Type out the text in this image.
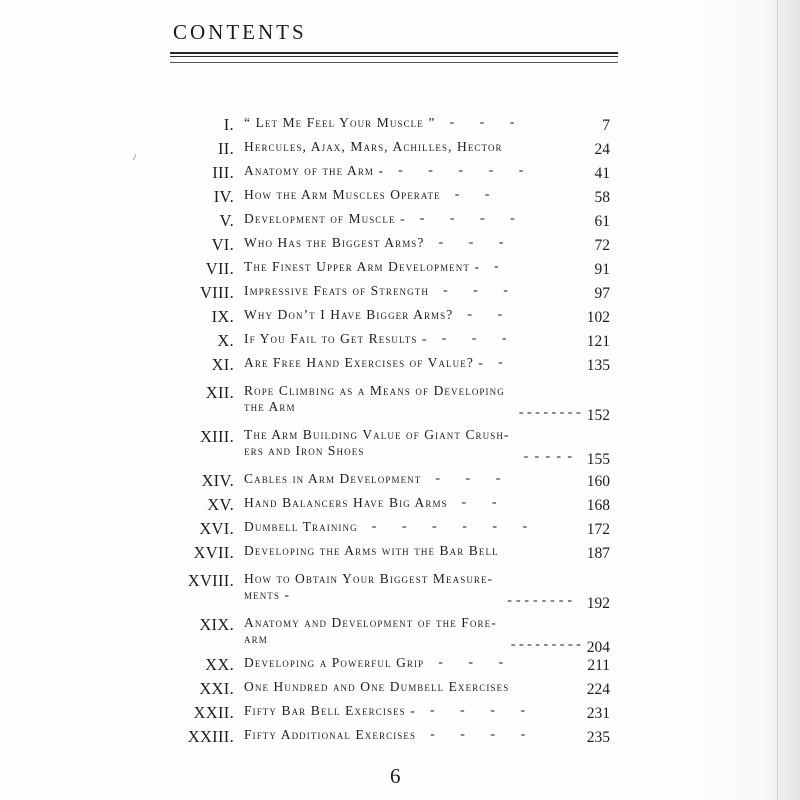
CONTENTS
⸝
I. “ Let Me Feel Your Muscle ” - - -	7
II. Hercules, Ajax, Mars, Achilles, Hector	24
III. Anatomy of the Arm - - - - - -	41
IV. How the Arm Muscles Operate - -	58
V. Development of Muscle - - - - -	61
VI. Who Has the Biggest Arms? - - -	72
VII. The Finest Upper Arm Development - -	91
VIII. Impressive Feats of Strength - - -	97
IX. Why Don’t I Have Bigger Arms? - -	102
X. If You Fail to Get Results - - - -	121
XI. Are Free Hand Exercises of Value? - -	135
XII. Rope Climbing as a Means of Developing
the Arm	- - - - - - - - 152
XIII. The Arm Building Value of Giant Crush-
ers and Iron Shoes	- - - - - 155
XIV. Cables in Arm Development - - -	160
XV. Hand Balancers Have Big Arms - -	168
XVI. Dumbell Training - - - - - -	172
XVII. Developing the Arms with the Bar Bell	187
XVIII. How to Obtain Your Biggest Measure-
ments -	- - - - - - - - 192
XIX. Anatomy and Development of the Fore-
arm	- - - - - - - - - 204
XX. Developing a Powerful Grip - - -	211
XXI. One Hundred and One Dumbell Exercises	224
XXII. Fifty Bar Bell Exercises - - - - -	231
XXIII. Fifty Additional Exercises - - - -	235
6
